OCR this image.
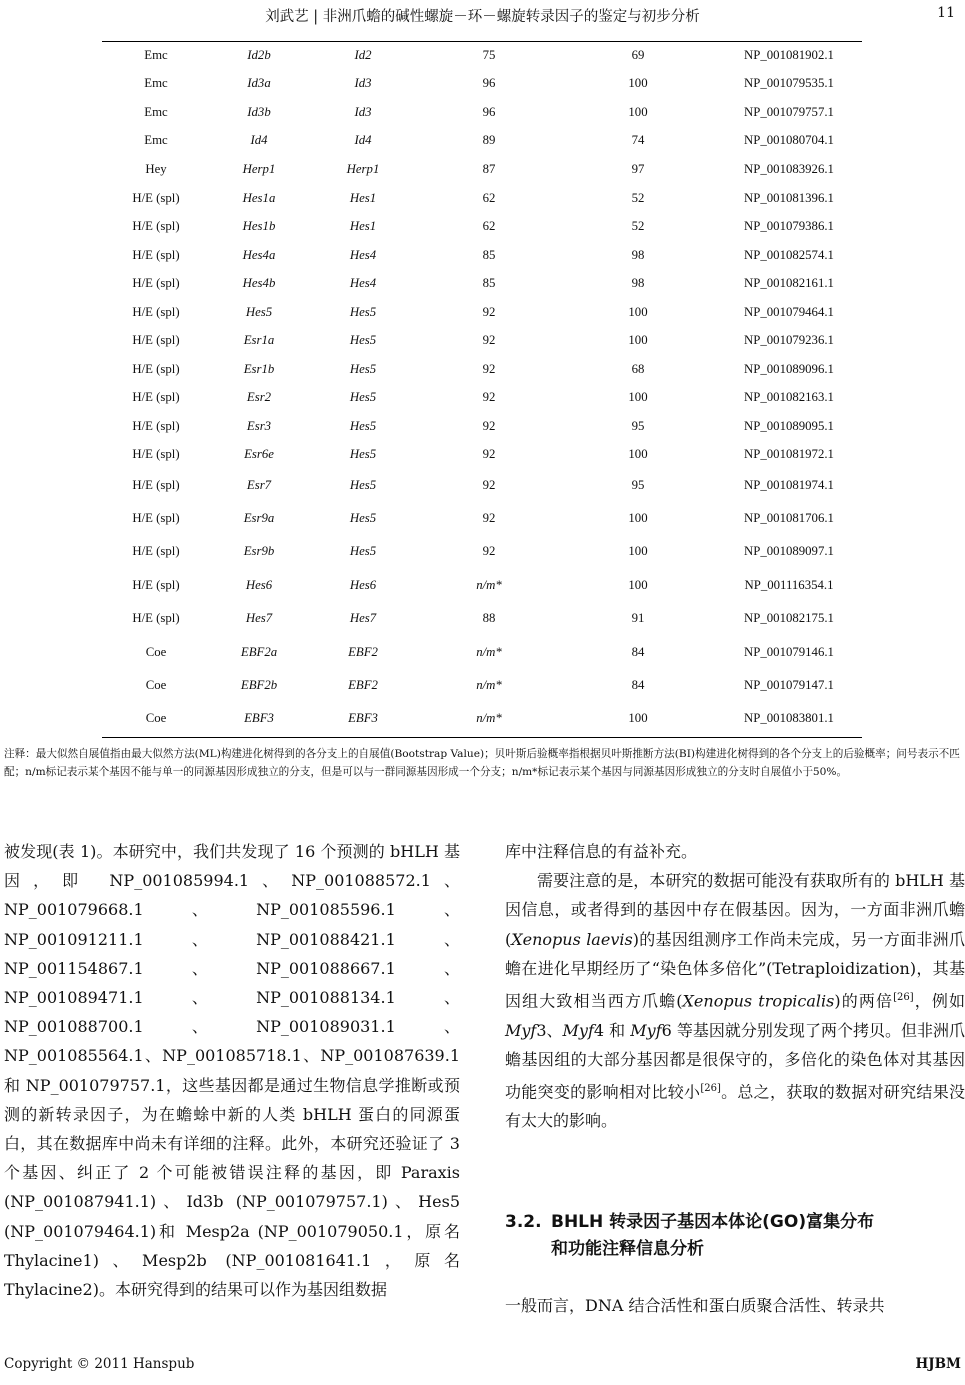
刘武艺 | 非洲爪蟾的碱性螺旋－环－螺旋转录因子的鉴定与初步分析	11
Emc	Id2b	Id2	75	69	NP_001081902.1
Emc	Id3a	Id3	96	100	NP_001079535.1
Emc	Id3b	Id3	96	100	NP_001079757.1
Emc	Id4	Id4	89	74	NP_001080704.1
Hey	Herp1	Herp1	87	97	NP_001083926.1
H/E (spl)	Hes1a	Hes1	62	52	NP_001081396.1
H/E (spl)	Hes1b	Hes1	62	52	NP_001079386.1
H/E (spl)	Hes4a	Hes4	85	98	NP_001082574.1
H/E (spl)	Hes4b	Hes4	85	98	NP_001082161.1
H/E (spl)	Hes5	Hes5	92	100	NP_001079464.1
H/E (spl)	Esr1a	Hes5	92	100	NP_001079236.1
H/E (spl)	Esr1b	Hes5	92	68	NP_001089096.1
H/E (spl)	Esr2	Hes5	92	100	NP_001082163.1
H/E (spl)	Esr3	Hes5	92	95	NP_001089095.1
H/E (spl)	Esr6e	Hes5	92	100	NP_001081972.1
H/E (spl)	Esr7	Hes5	92	95	NP_001081974.1
H/E (spl)	Esr9a	Hes5	92	100	NP_001081706.1
H/E (spl)	Esr9b	Hes5	92	100	NP_001089097.1
H/E (spl)	Hes6	Hes6	n/m*	100	NP_001116354.1
H/E (spl)	Hes7	Hes7	88	91	NP_001082175.1
Coe	EBF2a	EBF2	n/m*	84	NP_001079146.1
Coe	EBF2b	EBF2	n/m*	84	NP_001079147.1
Coe	EBF3	EBF3	n/m*	100	NP_001083801.1
注释：最大似然自展值指由最大似然方法(ML)构建进化树得到的各分支上的自展值(Bootstrap Value)；贝叶斯后验概率指根据贝叶斯推断方法(BI)构建进化树得到的各个分支上的后验概率；问号表示不匹配；n/m标记表示某个基因不能与单一的同源基因形成独立的分支，但是可以与一群同源基因形成一个分支；n/m*标记表示某个基因与同源基因形成独立的分支时自展值小于50%。

被发现(表 1)。本研究中，我们共发现了 16 个预测的 bHLH 基因，即 NP_001085994.1、NP_001088572.1、NP_001079668.1、NP_001085596.1、NP_001091211.1、NP_001088421.1、NP_001154867.1、NP_001088667.1、NP_001089471.1、NP_001088134.1、NP_001088700.1、NP_001089031.1、NP_001085564.1、NP_001085718.1、NP_001087639.1 和 NP_001079757.1，这些基因都是通过生物信息学推断或预测的新转录因子，为在蟾蜍中新的人类 bHLH 蛋白的同源蛋白，其在数据库中尚未有详细的注释。此外，本研究还验证了 3 个基因、纠正了 2 个可能被错误注释的基因，即 Paraxis (NP_001087941.1)、Id3b (NP_001079757.1)、Hes5 (NP_001079464.1)和 Mesp2a (NP_001079050.1，原名 Thylacine1)、Mesp2b (NP_001081641.1，原名 Thylacine2)。本研究得到的结果可以作为基因组数据

库中注释信息的有益补充。

需要注意的是，本研究的数据可能没有获取所有的 bHLH 基因信息，或者得到的基因中存在假基因。因为，一方面非洲爪蟾(Xenopus laevis)的基因组测序工作尚未完成，另一方面非洲爪蟾在进化早期经历了“染色体多倍化”(Tetraploidization)，其基因组大致相当西方爪蟾(Xenopus tropicalis)的两倍[26]，例如 Myf3、Myf4 和 Myf6 等基因就分别发现了两个拷贝。但非洲爪蟾基因组的大部分基因都是很保守的，多倍化的染色体对其基因功能突变的影响相对比较小[26]。总之，获取的数据对研究结果没有太大的影响。

3.2. BHLH 转录因子基因本体论(GO)富集分布
和功能注释信息分析
一般而言，DNA 结合活性和蛋白质聚合活性、转录共
Copyright © 2011 Hanspub	HJBM
